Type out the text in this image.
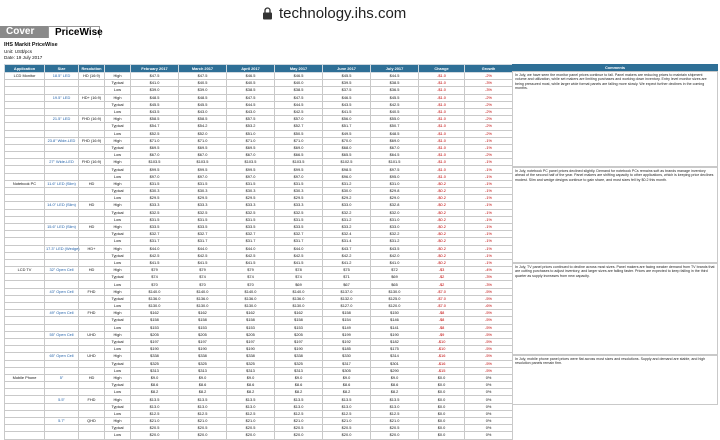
technology.ihs.com
Cover	PriceWise
IHS Markit PriceWise
Unit: US$/pcs
Date: 19 July 2017
Application	Size	Resolution		February 2017	March 2017	April 2017	May 2017	June 2017	July 2017	Change	Growth
LCD Monitor	18.5" LED	HD (16:9)	High	$47.5	$47.5	$46.5	$46.5	$45.5	$44.5	-$1.0	-2%
			Typical	$41.0	$40.5	$40.5	$40.0	$39.5	$38.5	-$1.0	-3%
			Low	$39.0	$39.0	$38.5	$38.5	$37.5	$36.5	-$1.0	-3%
	19.5" LED	HD+ (16:9)	High	$48.5	$48.5	$47.5	$47.5	$46.5	$45.5	-$1.0	-2%
			Typical	$45.5	$45.5	$44.5	$44.5	$43.5	$42.5	-$1.0	-2%
			Low	$43.5	$43.0	$43.0	$42.5	$41.5	$40.5	-$1.0	-2%
	21.5" LED	FHD (16:9)	High	$58.5	$58.5	$57.5	$57.0	$56.0	$55.0	-$1.0	-2%
			Typical	$54.7	$54.2	$53.2	$52.7	$51.7	$50.7	-$1.0	-2%
			Low	$52.5	$52.0	$51.0	$50.5	$49.5	$48.5	-$1.0	-2%
	23.8" Wide-LED	FHD (16:9)	High	$71.0	$71.0	$71.0	$71.0	$70.0	$69.0	-$1.0	-1%
			Typical	$69.5	$69.5	$69.5	$69.0	$68.0	$67.0	-$1.0	-1%
			Low	$67.0	$67.0	$67.0	$66.5	$65.5	$64.5	-$1.0	-2%
	27" Wide-LED	FHD (16:9)	High	$103.5	$103.5	$103.5	$103.5	$102.5	$101.5	-$1.0	-1%
			Typical	$99.5	$99.5	$99.5	$99.5	$98.5	$97.5	-$1.0	-1%
			Low	$97.0	$97.0	$97.0	$97.0	$96.0	$95.0	-$1.0	-1%
Notebook PC	11.6" LED (Slim)	HD	High	$31.5	$31.5	$31.5	$31.5	$31.2	$31.0	-$0.2	-1%
			Typical	$30.3	$30.3	$30.3	$30.3	$30.0	$29.8	-$0.2	-1%
			Low	$29.5	$29.5	$29.5	$29.5	$29.2	$29.0	-$0.2	-1%
	14.0" LED (Slim)	HD	High	$33.3	$33.3	$33.3	$33.3	$33.0	$32.8	-$0.2	-1%
			Typical	$32.5	$32.5	$32.5	$32.5	$32.2	$32.0	-$0.2	-1%
			Low	$31.5	$31.5	$31.5	$31.5	$31.2	$31.0	-$0.2	-1%
	15.6" LED (Slim)	HD	High	$33.5	$33.5	$33.5	$33.5	$33.2	$33.0	-$0.2	-1%
			Typical	$32.7	$32.7	$32.7	$32.7	$32.4	$32.2	-$0.2	-1%
			Low	$31.7	$31.7	$31.7	$31.7	$31.4	$31.2	-$0.2	-1%
	17.3" LED (Wedge)	HD+	High	$44.0	$44.0	$44.0	$44.0	$43.7	$43.5	-$0.2	-1%
			Typical	$42.5	$42.5	$42.5	$42.5	$42.2	$42.0	-$0.2	-1%
			Low	$41.5	$41.5	$41.5	$41.5	$41.2	$41.0	-$0.2	-1%
LCD TV	32" Open Cell	HD	High	$79	$79	$79	$78	$75	$72	-$3	-4%
			Typical	$74	$74	$74	$74	$71	$69	-$2	-3%
			Low	$70	$70	$70	$69	$67	$65	-$2	-3%
	43" Open Cell	FHD	High	$140.0	$140.0	$140.0	$140.0	$137.0	$130.0	-$7.0	-5%
			Typical	$136.0	$136.0	$136.0	$136.0	$132.0	$125.0	-$7.0	-5%
			Low	$130.0	$130.0	$130.0	$130.0	$127.0	$120.0	-$7.0	-6%
	49" Open Cell	FHD	High	$162	$162	$162	$162	$158	$150	-$8	-5%
			Typical	$158	$158	$158	$158	$154	$146	-$8	-5%
			Low	$153	$153	$153	$153	$149	$141	-$8	-5%
	55" Open Cell	UHD	High	$205	$205	$205	$205	$199	$190	-$9	-5%
			Typical	$197	$197	$197	$197	$192	$182	-$10	-5%
			Low	$190	$190	$190	$190	$185	$175	-$10	-5%
	65" Open Cell	UHD	High	$338	$338	$338	$338	$330	$314	-$16	-5%
			Typical	$325	$325	$325	$325	$317	$301	-$16	-5%
			Low	$313	$313	$313	$313	$305	$290	-$15	-5%
Mobile Phone	5"	HD	High	$9.0	$9.0	$9.0	$9.0	$9.0	$9.0	$0.0	0%
			Typical	$8.6	$8.6	$8.6	$8.6	$8.6	$8.6	$0.0	0%
			Low	$8.2	$8.2	$8.2	$8.2	$8.2	$8.2	$0.0	0%
	5.5"	FHD	High	$13.5	$13.5	$13.5	$13.5	$13.5	$13.5	$0.0	0%
			Typical	$13.0	$13.0	$13.0	$13.0	$13.0	$13.0	$0.0	0%
			Low	$12.5	$12.5	$12.5	$12.5	$12.5	$12.5	$0.0	0%
	5.7"	QHD	High	$21.0	$21.0	$21.0	$21.0	$21.0	$21.0	$0.0	0%
			Typical	$20.5	$20.5	$20.5	$20.5	$20.5	$20.5	$0.0	0%
			Low	$20.0	$20.0	$20.0	$20.0	$20.0	$20.0	$0.0	0%
Comments
In July, we have seen the monitor panel prices continue to fall. Panel makers are reducing prices to maintain shipment volume and utilization, while set makers are limiting purchases and working down inventory. Entry level monitor sizes are being pressured most, while larger wide format panels are falling more slowly. We expect further declines in the coming months.
In July, notebook PC panel prices declined slightly. Demand for notebook PCs remains soft as brands manage inventory ahead of the second half of the year. Panel makers are shifting capacity to other applications, which is keeping price declines modest. Slim and wedge designs continue to gain share, and most sizes fell by $0.2 this month.
In July, TV panel prices continued to decline across most sizes. Panel makers are facing weaker demand from TV brands that are cutting purchases to adjust inventory, and larger sizes are falling faster. Prices are expected to keep falling in the third quarter as supply increases from new capacity.
In July, mobile phone panel prices were flat across most sizes and resolutions. Supply and demand are stable, and high resolution panels remain firm.
